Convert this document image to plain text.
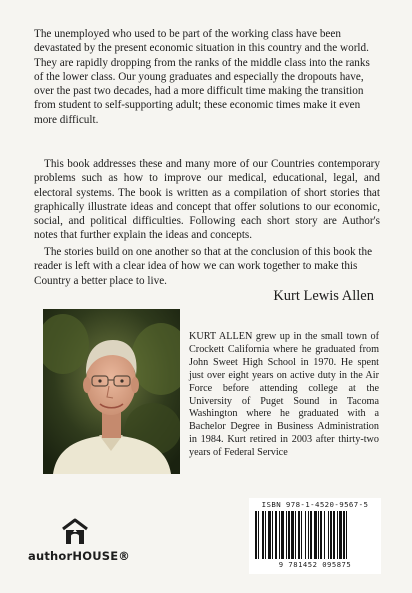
The unemployed who used to be part of the working class have been devastated by the present economic situation in this country and the world. They are rapidly dropping from the ranks of the middle class into the ranks of the lower class. Our young graduates and especially the dropouts have, over the past two decades, had a more difficult time making the transition from student to self-supporting adult; these economic times make it even more difficult.

This book addresses these and many more of our Countries contemporary problems such as how to improve our medical, educational, legal, and electoral systems. The book is written as a compilation of short stories that graphically illustrate ideas and concept that offer solutions to our economic, social, and political difficulties. Following each short story are Author's notes that further explain the ideas and concepts.

The stories build on one another so that at the conclusion of this book the reader is left with a clear idea of how we can work together to make this Country a better place to live.

Kurt Lewis Allen

KURT ALLEN grew up in the small town of Crockett California where he graduated from John Sweet High School in 1970. He spent just over eight years on active duty in the Air Force before attending college at the University of Puget Sound in Tacoma Washington where he graduated with a Bachelor Degree in Business Administration in 1984. Kurt retired in 2003 after thirty-two years of Federal Service

ISBN 978-1-4520-9567-5
9 781452 095875
authorHOUSE®
